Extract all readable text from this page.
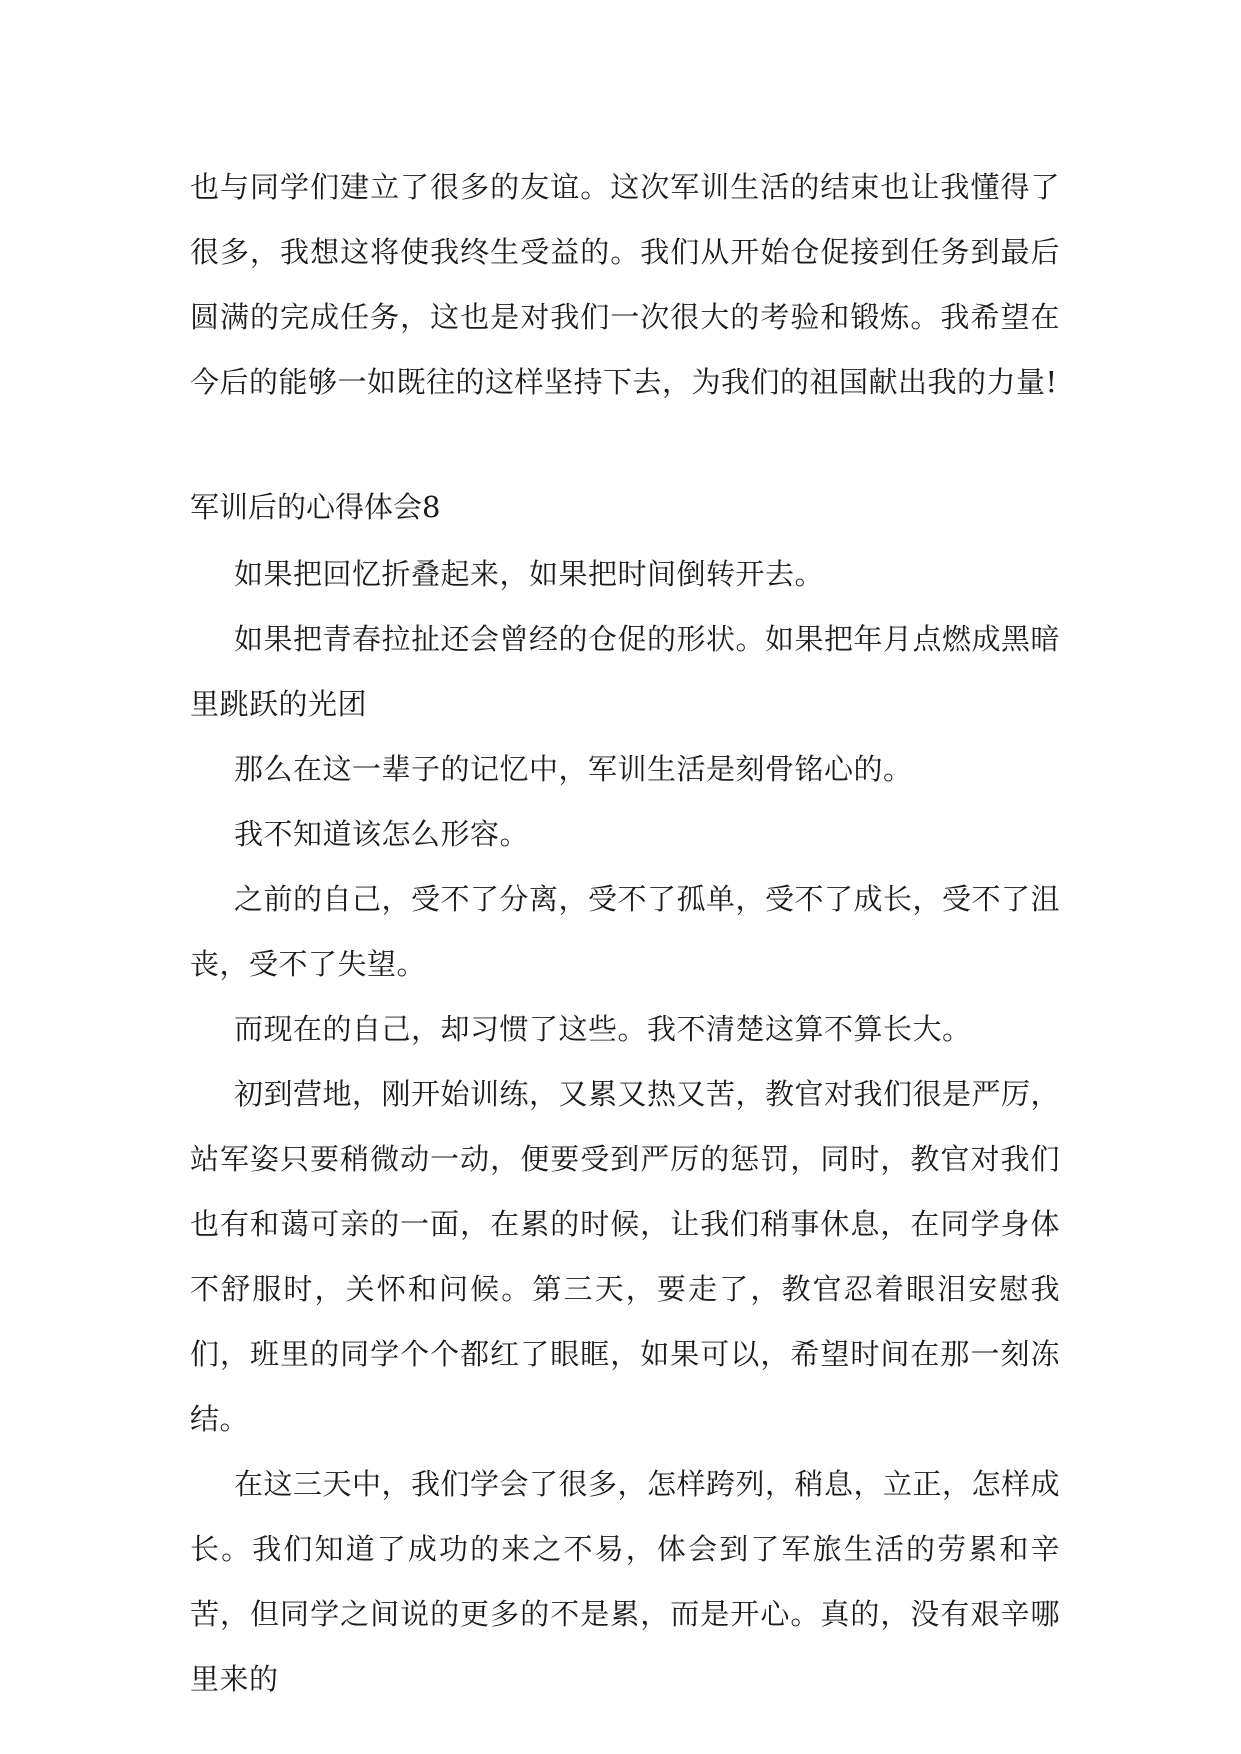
也与同学们建立了很多的友谊。这次军训生活的结束也让我懂得了很多，我想这将使我终生受益的。我们从开始仓促接到任务到最后圆满的完成任务，这也是对我们一次很大的考验和锻炼。我希望在今后的能够一如既往的这样坚持下去，为我们的祖国献出我的力量!

军训后的心得体会8

如果把回忆折叠起来，如果把时间倒转开去。

如果把青春拉扯还会曾经的仓促的形状。如果把年月点燃成黑暗里跳跃的光团

那么在这一辈子的记忆中，军训生活是刻骨铭心的。

我不知道该怎么形容。

之前的自己，受不了分离，受不了孤单，受不了成长，受不了沮丧，受不了失望。

而现在的自己，却习惯了这些。我不清楚这算不算长大。

初到营地，刚开始训练，又累又热又苦，教官对我们很是严厉，站军姿只要稍微动一动，便要受到严厉的惩罚，同时，教官对我们也有和蔼可亲的一面，在累的时候，让我们稍事休息，在同学身体不舒服时，关怀和问候。第三天，要走了，教官忍着眼泪安慰我们，班里的同学个个都红了眼眶，如果可以，希望时间在那一刻冻结。

在这三天中，我们学会了很多，怎样跨列，稍息，立正，怎样成长。我们知道了成功的来之不易，体会到了军旅生活的劳累和辛苦，但同学之间说的更多的不是累，而是开心。真的，没有艰辛哪里来的
